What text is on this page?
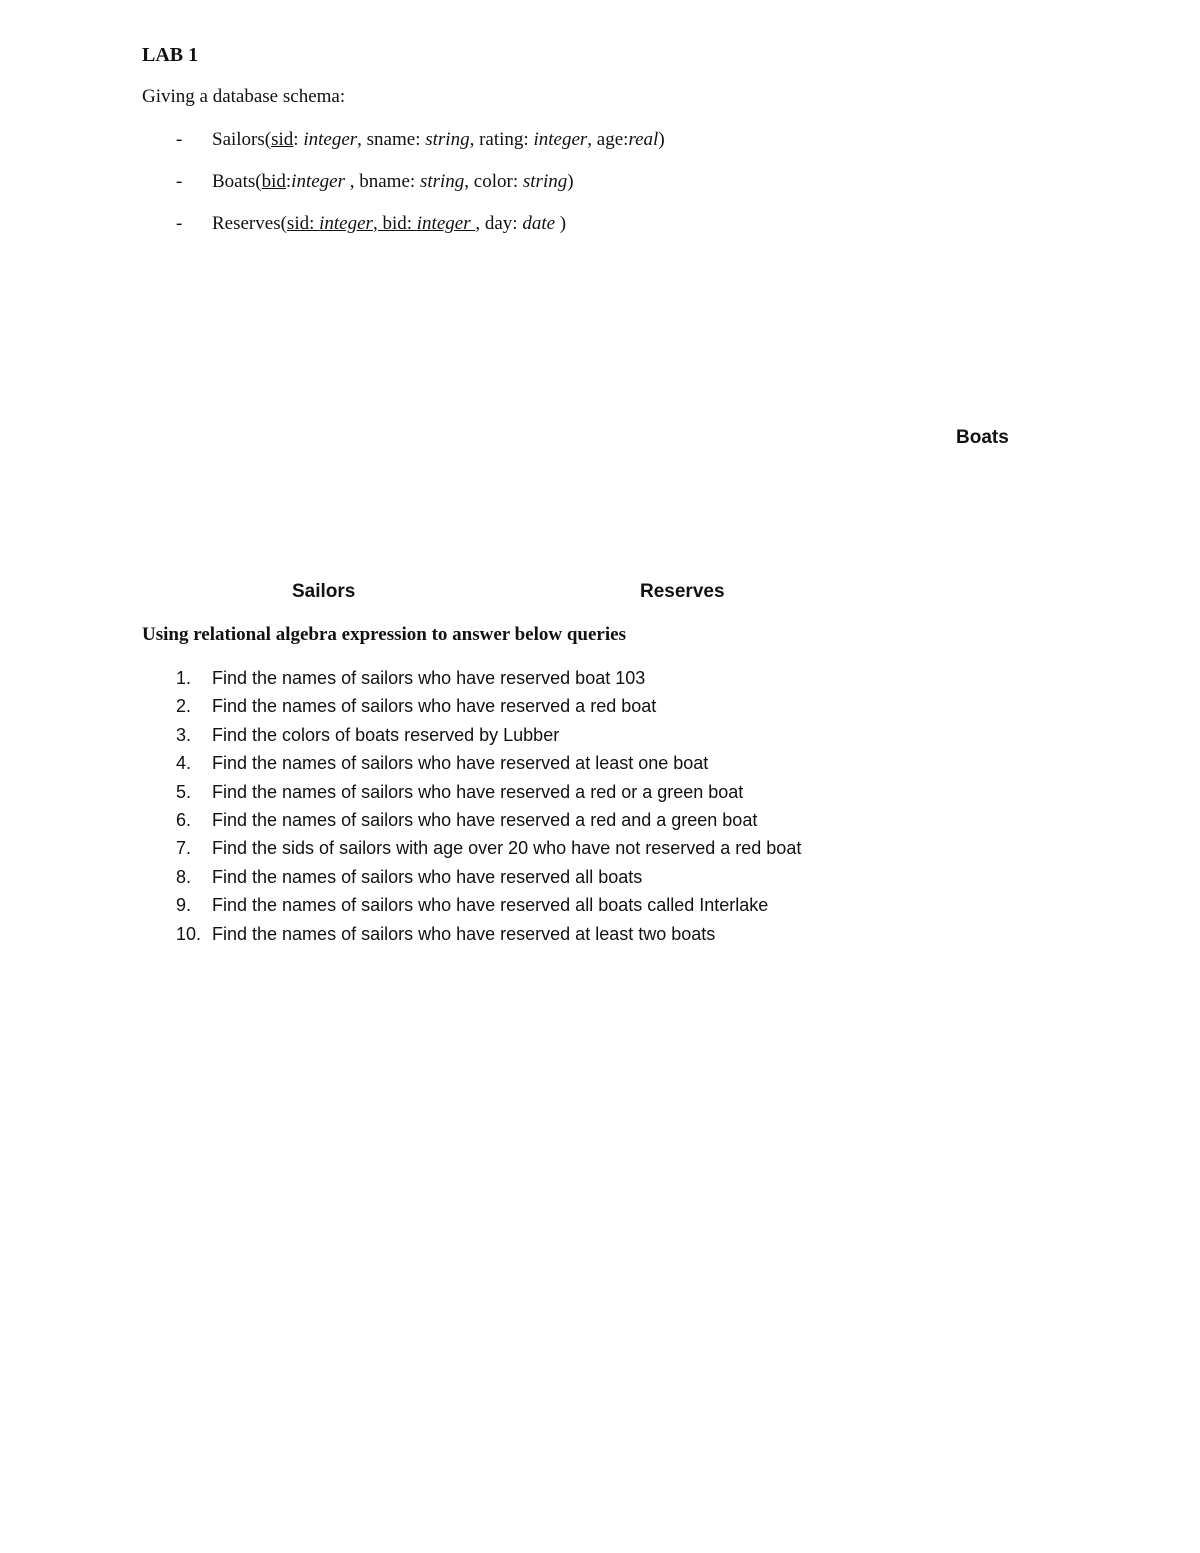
LAB 1
Giving a database schema:
- Sailors(sid: integer, sname: string, rating: integer, age:real)
- Boats(bid:integer , bname: string, color: string)
- Reserves(sid: integer, bid: integer , day: date )
Boats
Sailors	Reserves
Using relational algebra expression to answer below queries
1. Find the names of sailors who have reserved boat 103
2. Find the names of sailors who have reserved a red boat
3. Find the colors of boats reserved by Lubber
4. Find the names of sailors who have reserved at least one boat
5. Find the names of sailors who have reserved a red or a green boat
6. Find the names of sailors who have reserved a red and a green boat
7. Find the sids of sailors with age over 20 who have not reserved a red boat
8. Find the names of sailors who have reserved all boats
9. Find the names of sailors who have reserved all boats called Interlake
10. Find the names of sailors who have reserved at least two boats
